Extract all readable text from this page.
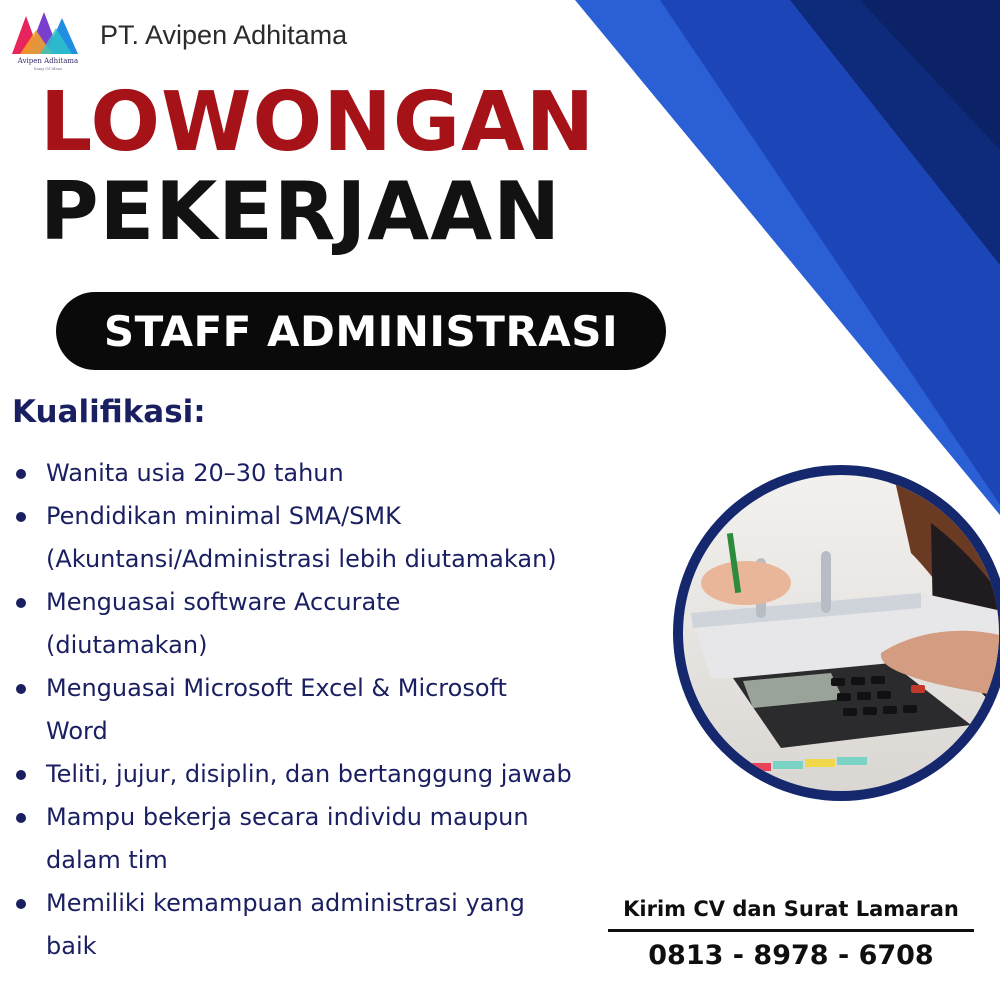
Avipen Adhitama
Sang Of Ideas
PT. Avipen Adhitama
LOWONGAN
PEKERJAAN
STAFF ADMINISTRASI
Kualifikasi:
Wanita usia 20–30 tahun
Pendidikan minimal SMA/SMK
(Akuntansi/Administrasi lebih diutamakan)
Menguasai software Accurate
(diutamakan)
Menguasai Microsoft Excel & Microsoft
Word
Teliti, jujur, disiplin, dan bertanggung jawab
Mampu bekerja secara individu maupun
dalam tim
Memiliki kemampuan administrasi yang
baik
Kirim CV dan Surat Lamaran
0813 - 8978 - 6708
